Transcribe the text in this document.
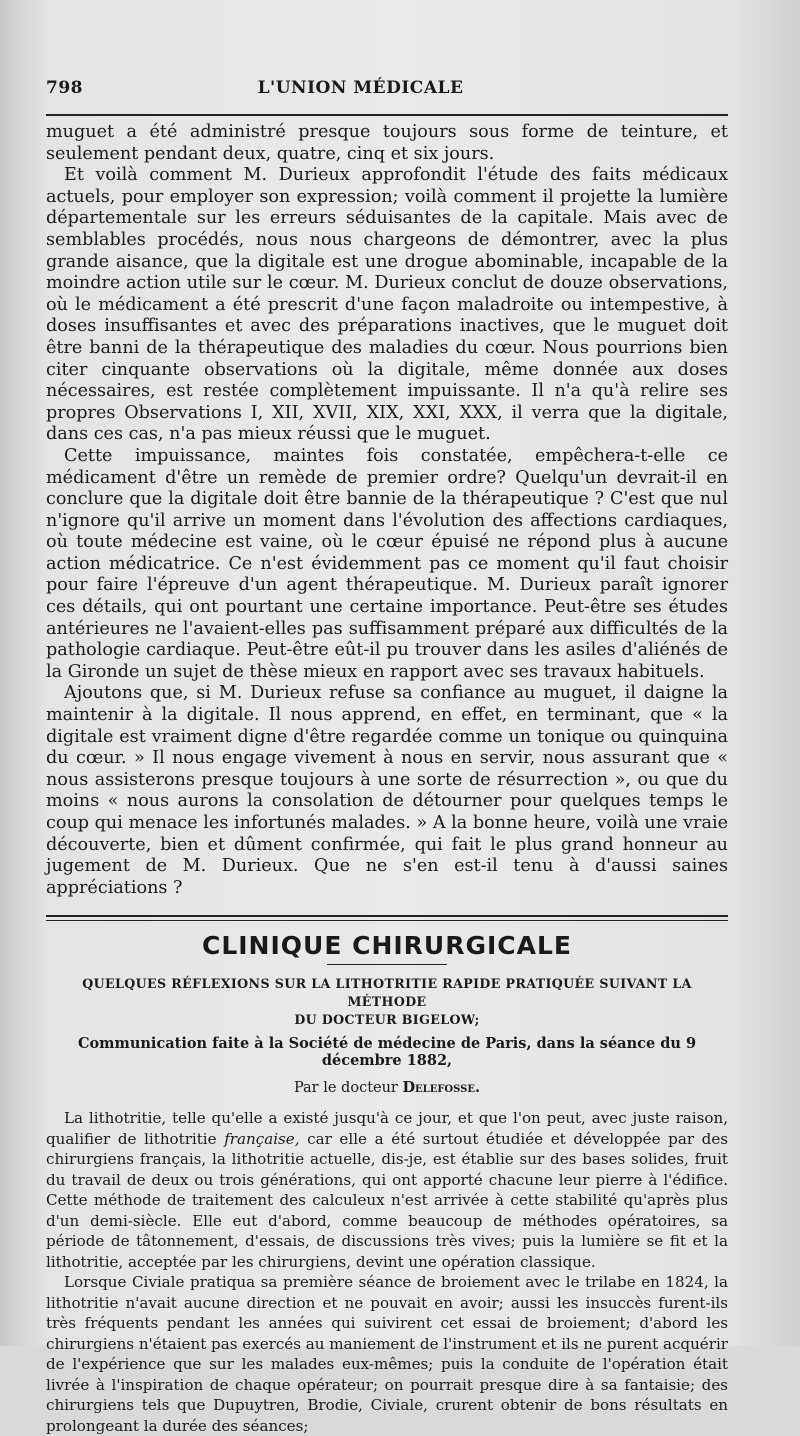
798	L'UNION MÉDICALE

muguet a été administré presque toujours sous forme de teinture, et seulement pendant deux, quatre, cinq et six jours.

Et voilà comment M. Durieux approfondit l'étude des faits médicaux actuels, pour employer son expression; voilà comment il projette la lumière départementale sur les erreurs séduisantes de la capitale. Mais avec de semblables procédés, nous nous chargeons de démontrer, avec la plus grande aisance, que la digitale est une drogue abominable, incapable de la moindre action utile sur le cœur. M. Durieux conclut de douze observations, où le médicament a été prescrit d'une façon maladroite ou intempestive, à doses insuffisantes et avec des préparations inactives, que le muguet doit être banni de la thérapeutique des maladies du cœur. Nous pourrions bien citer cinquante observations où la digitale, même donnée aux doses nécessaires, est restée complètement impuissante. Il n'a qu'à relire ses propres Observations I, XII, XVII, XIX, XXI, XXX, il verra que la digitale, dans ces cas, n'a pas mieux réussi que le muguet.

Cette impuissance, maintes fois constatée, empêchera-t-elle ce médicament d'être un remède de premier ordre? Quelqu'un devrait-il en conclure que la digitale doit être bannie de la thérapeutique ? C'est que nul n'ignore qu'il arrive un moment dans l'évolution des affections cardiaques, où toute médecine est vaine, où le cœur épuisé ne répond plus à aucune action médicatrice. Ce n'est évidemment pas ce moment qu'il faut choisir pour faire l'épreuve d'un agent thérapeutique. M. Durieux paraît ignorer ces détails, qui ont pourtant une certaine importance. Peut-être ses études antérieures ne l'avaient-elles pas suffisamment préparé aux difficultés de la pathologie cardiaque. Peut-être eût-il pu trouver dans les asiles d'aliénés de la Gironde un sujet de thèse mieux en rapport avec ses travaux habituels.

Ajoutons que, si M. Durieux refuse sa confiance au muguet, il daigne la maintenir à la digitale. Il nous apprend, en effet, en terminant, que « la digitale est vraiment digne d'être regardée comme un tonique ou quinquina du cœur. » Il nous engage vivement à nous en servir, nous assurant que « nous assisterons presque toujours à une sorte de résurrection », ou que du moins « nous aurons la consolation de détourner pour quelques temps le coup qui menace les infortunés malades. » A la bonne heure, voilà une vraie découverte, bien et dûment confirmée, qui fait le plus grand honneur au jugement de M. Durieux. Que ne s'en est-il tenu à d'aussi saines appréciations ?

CLINIQUE CHIRURGICALE
QUELQUES RÉFLEXIONS SUR LA LITHOTRITIE RAPIDE PRATIQUÉE SUIVANT LA MÉTHODE
DU DOCTEUR BIGELOW;
Communication faite à la Société de médecine de Paris, dans la séance du 9 décembre 1882,
Par le docteur Delefosse.

La lithotritie, telle qu'elle a existé jusqu'à ce jour, et que l'on peut, avec juste raison, qualifier de lithotritie française, car elle a été surtout étudiée et développée par des chirurgiens français, la lithotritie actuelle, dis-je, est établie sur des bases solides, fruit du travail de deux ou trois générations, qui ont apporté chacune leur pierre à l'édifice. Cette méthode de traitement des calculeux n'est arrivée à cette stabilité qu'après plus d'un demi-siècle. Elle eut d'abord, comme beaucoup de méthodes opératoires, sa période de tâtonnement, d'essais, de discussions très vives; puis la lumière se fit et la lithotritie, acceptée par les chirurgiens, devint une opération classique.

Lorsque Civiale pratiqua sa première séance de broiement avec le trilabe en 1824, la lithotritie n'avait aucune direction et ne pouvait en avoir; aussi les insuccès furent-ils très fréquents pendant les années qui suivirent cet essai de broiement; d'abord les chirurgiens n'étaient pas exercés au maniement de l'instrument et ils ne purent acquérir de l'expérience que sur les malades eux-mêmes; puis la conduite de l'opération était livrée à l'inspiration de chaque opérateur; on pourrait presque dire à sa fantaisie; des chirurgiens tels que Dupuytren, Brodie, Civiale, crurent obtenir de bons résultats en prolongeant la durée des séances;
